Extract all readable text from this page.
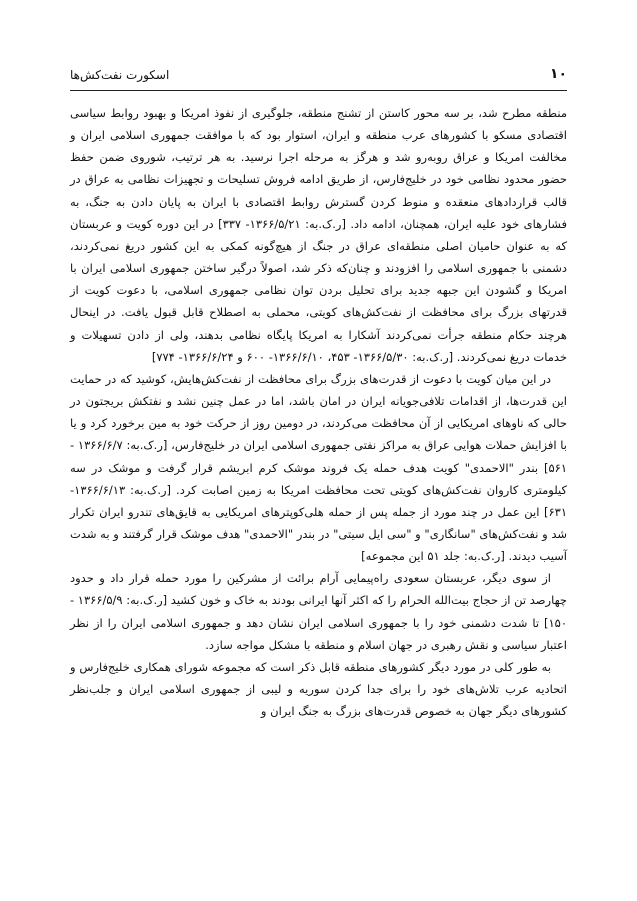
۱۰
اسکورت نفت‌کش‌ها

منطقه مطرح شد، بر سه محور کاستن از تشنج منطقه، جلوگیری از نفوذ امریکا و بهبود روابط سیاسی اقتصادی مسکو با کشورهای عرب منطقه و ایران، استوار بود که با موافقت جمهوری اسلامی ایران و مخالفت امریکا و عراق روبه‌رو شد و هرگز به مرحله اجرا نرسید. به هر ترتیب، شوروی ضمن حفظ حضور محدود نظامی خود در خلیج‌فارس، از طریق ادامه فروش تسلیحات و تجهیزات نظامی به عراق در قالب قراردادهای منعقده و منوط کردن گسترش روابط اقتصادی با ایران به پایان دادن به جنگ، به فشارهای خود علیه ایران، همچنان، ادامه داد. [ر.ک.به: ۱۳۶۶/۵/۲۱- ۳۳۷] در این دوره کویت و عربستان که به عنوان حامیان اصلی منطقه‌ای عراق در جنگ از هیچ‌گونه کمکی به این کشور دریغ نمی‌کردند، دشمنی با جمهوری اسلامی را افزودند و چنان‌که ذکر شد، اصولاً درگیر ساختن جمهوری اسلامی ایران با امریکا و گشودن این جبهه جدید برای تحلیل بردن توان نظامی جمهوری اسلامی، با دعوت کویت از قدرتهای بزرگ برای محافظت از نفت‌کش‌های کویتی، محملی به اصطلاح قابل قبول یافت. در اینحال هرچند حکام منطقه جرأت نمی‌کردند آشکارا به امریکا پایگاه نظامی بدهند، ولی از دادن تسهیلات و خدمات دریغ نمی‌کردند. [ر.ک.به: ۱۳۶۶/۵/۳۰- ۴۵۳، ۱۳۶۶/۶/۱۰- ۶۰۰ و ۱۳۶۶/۶/۲۴- ۷۷۴]

در این میان کویت با دعوت از قدرت‌های بزرگ برای محافظت از نفت‌کش‌هایش، کوشید که در حمایت این قدرت‌ها، از اقدامات تلافی‌جویانه ایران در امان باشد، اما در عمل چنین نشد و نفتکش بریجتون در حالی که ناوهای امریکایی از آن محافظت می‌کردند، در دومین روز از حرکت خود به مین برخورد کرد و یا با افزایش حملات هوایی عراق به مراکز نفتی جمهوری اسلامی ایران در خلیج‌فارس، [ر.ک.به: ۱۳۶۶/۶/۷ - ۵۶۱] بندر "الاحمدی" کویت هدف حمله یک فروند موشک کرم ابریشم قرار گرفت و موشک در سه کیلومتری کاروان نفت‌کش‌های کویتی تحت محافظت امریکا به زمین اصابت کرد. [ر.ک.به: ۱۳۶۶/۶/۱۳- ۶۳۱] این عمل در چند مورد از جمله پس از حمله هلی‌کوپترهای امریکایی به قایق‌های تندرو ایران تکرار شد و نفت‌کش‌های "سانگاری" و "سی ایل سیتی" در بندر "الاحمدی" هدف موشک قرار گرفتند و به شدت آسیب دیدند. [ر.ک.به: جلد ۵۱ این مجموعه]

از سوی دیگر، عربستان سعودی راه‌پیمایی آرام برائت از مشرکین را مورد حمله قرار داد و حدود چهارصد تن از حجاج بیت‌الله الحرام را که اکثر آنها ایرانی بودند به خاک و خون کشید [ر.ک.به: ۱۳۶۶/۵/۹ - ۱۵۰] تا شدت دشمنی خود را با جمهوری اسلامی ایران نشان دهد و جمهوری اسلامی ایران را از نظر اعتبار سیاسی و نقش رهبری در جهان اسلام و منطقه با مشکل مواجه سازد.

به طور کلی در مورد دیگر کشورهای منطقه قابل ذکر است که مجموعه شورای همکاری خلیج‌فارس و اتحادیه عرب تلاش‌های خود را برای جدا کردن سوریه و لیبی از جمهوری اسلامی ایران و جلب‌نظر کشورهای دیگر جهان به خصوص قدرت‌های بزرگ به جنگ ایران و
